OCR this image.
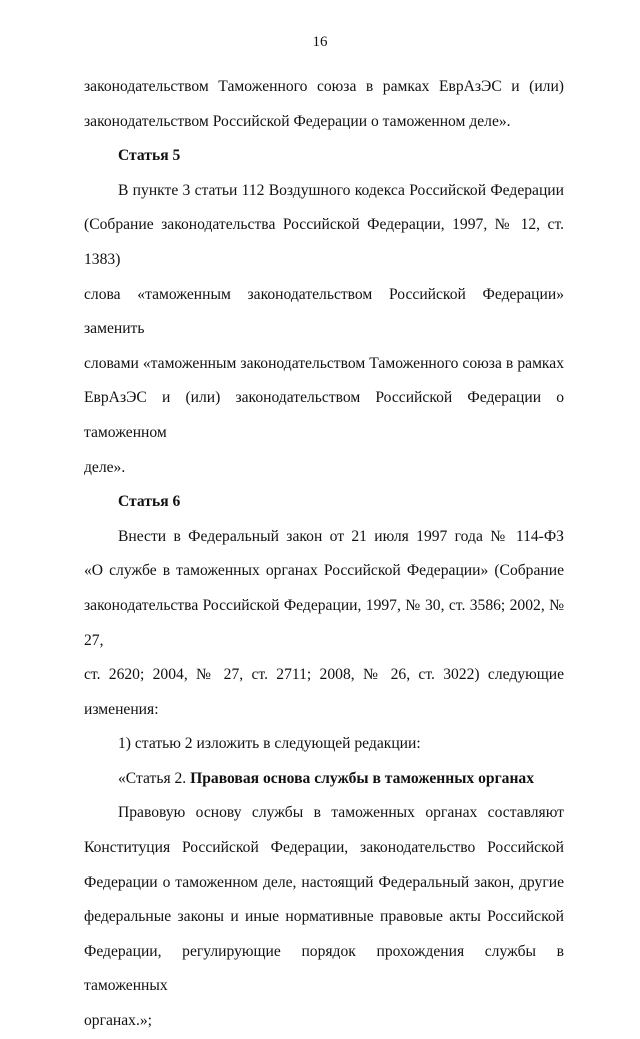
16

законодательством Таможенного союза в рамках ЕврАзЭС и (или)

законодательством Российской Федерации о таможенном деле».

Статья 5

В пункте 3 статьи 112 Воздушного кодекса Российской Федерации

(Собрание законодательства Российской Федерации, 1997, № 12, ст. 1383)

слова «таможенным законодательством Российской Федерации» заменить

словами «таможенным законодательством Таможенного союза в рамках

ЕврАзЭС и (или) законодательством Российской Федерации о таможенном

деле».

Статья 6

Внести в Федеральный закон от 21 июля 1997 года № 114-ФЗ

«О службе в таможенных органах Российской Федерации» (Собрание

законодательства Российской Федерации, 1997, № 30, ст. 3586; 2002, № 27,

ст. 2620; 2004, № 27, ст. 2711; 2008, № 26, ст. 3022) следующие изменения:

1) статью 2 изложить в следующей редакции:

«Статья 2. Правовая основа службы в таможенных органах

Правовую основу службы в таможенных органах составляют

Конституция Российской Федерации, законодательство Российской

Федерации о таможенном деле, настоящий Федеральный закон, другие

федеральные законы и иные нормативные правовые акты Российской

Федерации, регулирующие порядок прохождения службы в таможенных

органах.»;
